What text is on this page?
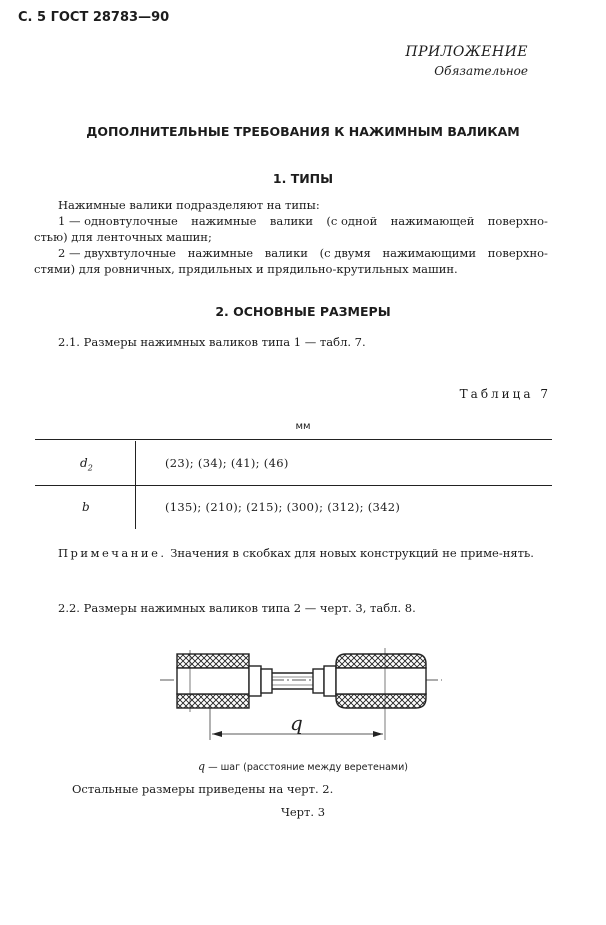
С. 5 ГОСТ 28783—90
ПРИЛОЖЕНИЕ
Обязательное
ДОПОЛНИТЕЛЬНЫЕ ТРЕБОВАНИЯ К НАЖИМНЫМ ВАЛИКАМ
1. ТИПЫ
Нажимные валики подразделяют на типы:
1 — одновтулочные нажимные валики (с одной нажимающей поверхно-
стью) для ленточных машин;
2 — двухвтулочные нажимные валики (с двумя нажимающими поверхно-
стями) для ровничных, прядильных и прядильно-крутильных машин.
2. ОСНОВНЫЕ РАЗМЕРЫ
2.1. Размеры нажимных валиков типа 1 — табл. 7.
Таблица 7
мм
$d_2$	(23); (34); (41); (46)
b	(135); (210); (215); (300); (312); (342)
Примечание. Значения в скобках для новых конструкций не приме-нять.
2.2. Размеры нажимных валиков типа 2 — черт. 3, табл. 8.
q
q — шаг (расстояние между веретенами)
Остальные размеры приведены на черт. 2.
Черт. 3
